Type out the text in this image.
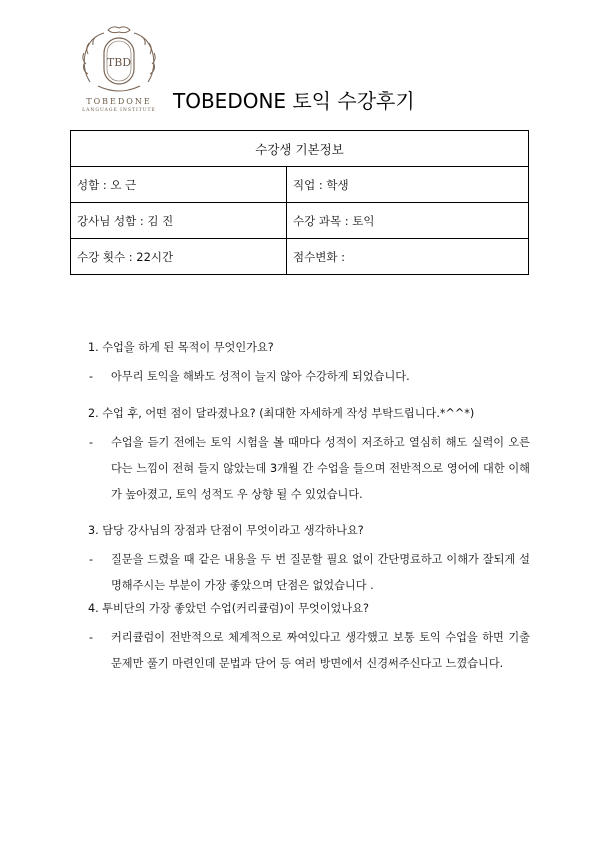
TBD
TOBEDONE
LANGUAGE INSTITUTE TOBEDONE 토익 수강후기
수강생 기본정보	
성함 : 오 근	직업 : 학생
강사님 성함 : 김 진	수강 과목 : 토익
수강 횟수 : 22시간	점수변화 :
1. 수업을 하게 된 목적이 무엇인가요?
- 아무리 토익을 해봐도 성적이 늘지 않아 수강하게 되었습니다.
2. 수업 후, 어떤 점이 달라졌나요? (최대한 자세하게 작성 부탁드립니다.*^^*)
- 수업을 듣기 전에는 토익 시험을 볼 때마다 성적이 저조하고 열심히 해도 실력이 오른다는 느낌이 전혀 들지 않았는데 3개월 간 수업을 들으며 전반적으로 영어에 대한 이해가 높아졌고, 토익 성적도 우 상향 될 수 있었습니다.
3. 담당 강사님의 장점과 단점이 무엇이라고 생각하나요?
- 질문을 드렸을 때 같은 내용을 두 번 질문할 필요 없이 간단명료하고 이해가 잘되게 설명해주시는 부분이 가장 좋았으며 단점은 없었습니다 .
4. 투비단의 가장 좋았던 수업(커리큘럼)이 무엇이었나요?
- 커리큘럼이 전반적으로 체계적으로 짜여있다고 생각했고 보통 토익 수업을 하면 기출문제만 풀기 마련인데 문법과 단어 등 여러 방면에서 신경써주신다고 느꼈습니다.
